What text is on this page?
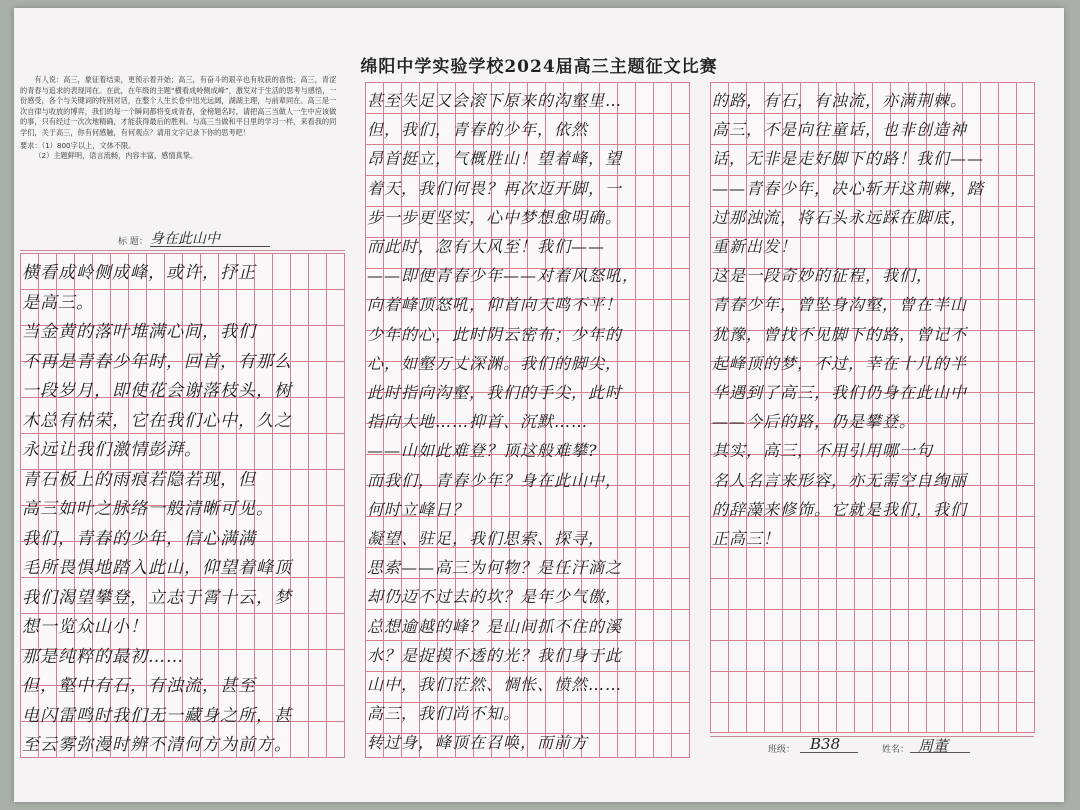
绵阳中学实验学校2024届高三主题征文比赛

有人说：高三，象征着结束，更预示着开始；高三，有奋斗的艰辛也有收获的喜悦；高三，青涩的青春与追求的表现同在。在此，在年级的主题“横看成岭侧成峰”，激发对于生活的思考与感悟，一份感受，各个与关键词的特别对话，在整个人生长卷中迅光远阔，湖湖主理，与前辈同在。高三是一次自律与收放的博弈，我们的每一个瞬间都将变成青春，金榜题名时，请把高三当做人一生中应该做的事，只有经过一次次地精确，才能获得最后的胜利。与高三当做和平日里的学习一样，来看我的同学们，关于高三，你有何感触，有何观点？请用文字记录下你的思考吧！

要求：（1）800字以上，文体不限。

（2）主题鲜明，语言流畅，内容丰富，感情真挚。

标 题： 身在此山中
横看成岭侧成峰，或许，抒正
是高三。
当金黄的落叶堆满心间，我们
不再是青春少年时，回首，有那么
一段岁月，即使花会谢落枝头，树
木总有枯荣，它在我们心中，久之
永远让我们激情彭湃。
青石板上的雨痕若隐若现，但
高三如叶之脉络一般清晰可见。
我们，青春的少年，信心满满
毛所畏惧地踏入此山，仰望着峰顶
我们渴望攀登，立志于霄十云，梦
想一览众山小！
那是纯粹的最初……
但，壑中有石，有浊流，甚至
电闪雷鸣时我们无一藏身之所，甚
至云雾弥漫时辨不清何方为前方。
甚至失足又会滚下原来的沟壑里…
但，我们，青春的少年，依然
昂首挺立，气概胜山！望着峰，望
着天，我们何畏？再次迈开脚，一
步一步更坚实，心中梦想愈明确。
而此时，忽有大风至！我们——
——即便青春少年——对着风怒吼，
向着峰顶怒吼，仰首向天鸣不平！
少年的心，此时阴云密布；少年的
心，如壑万丈深渊。我们的脚尖，
此时指向沟壑，我们的手尖，此时
指向大地……抑首、沉默……
——山如此难登？顶这般难攀?
而我们，青春少年？身在此山中，
何时立峰日？
凝望、驻足，我们思索、探寻，
思索——高三为何物？是任汗滴之
却仍迈不过去的坎？是年少气傲，
总想逾越的峰？是山间抓不住的溪
水？是捉摸不透的光？我们身于此
山中，我们茫然、惆怅、愤然……
高三，我们尚不知。
转过身，峰顶在召唤，而前方
的路，有石，有浊流，亦满荆棘。
高三，不是向往童话，也非创造神
话，无非是走好脚下的路！我们——
——青春少年，决心斩开这荆棘，踏
过那浊流，将石头永远踩在脚底，
重新出发！
这是一段奇妙的征程，我们，
青春少年，曾坠身沟壑，曾在半山
犹豫，曾找不见脚下的路，曾记不
起峰顶的梦，不过，幸在十几的半
华遇到了高三，我们仍身在此山中
——今后的路，仍是攀登。
其实，高三，不用引用哪一句
名人名言来形容，亦无需空自绚丽
的辞藻来修饰。它就是我们，我们
正高三！
班级： B38	姓名： 周董
